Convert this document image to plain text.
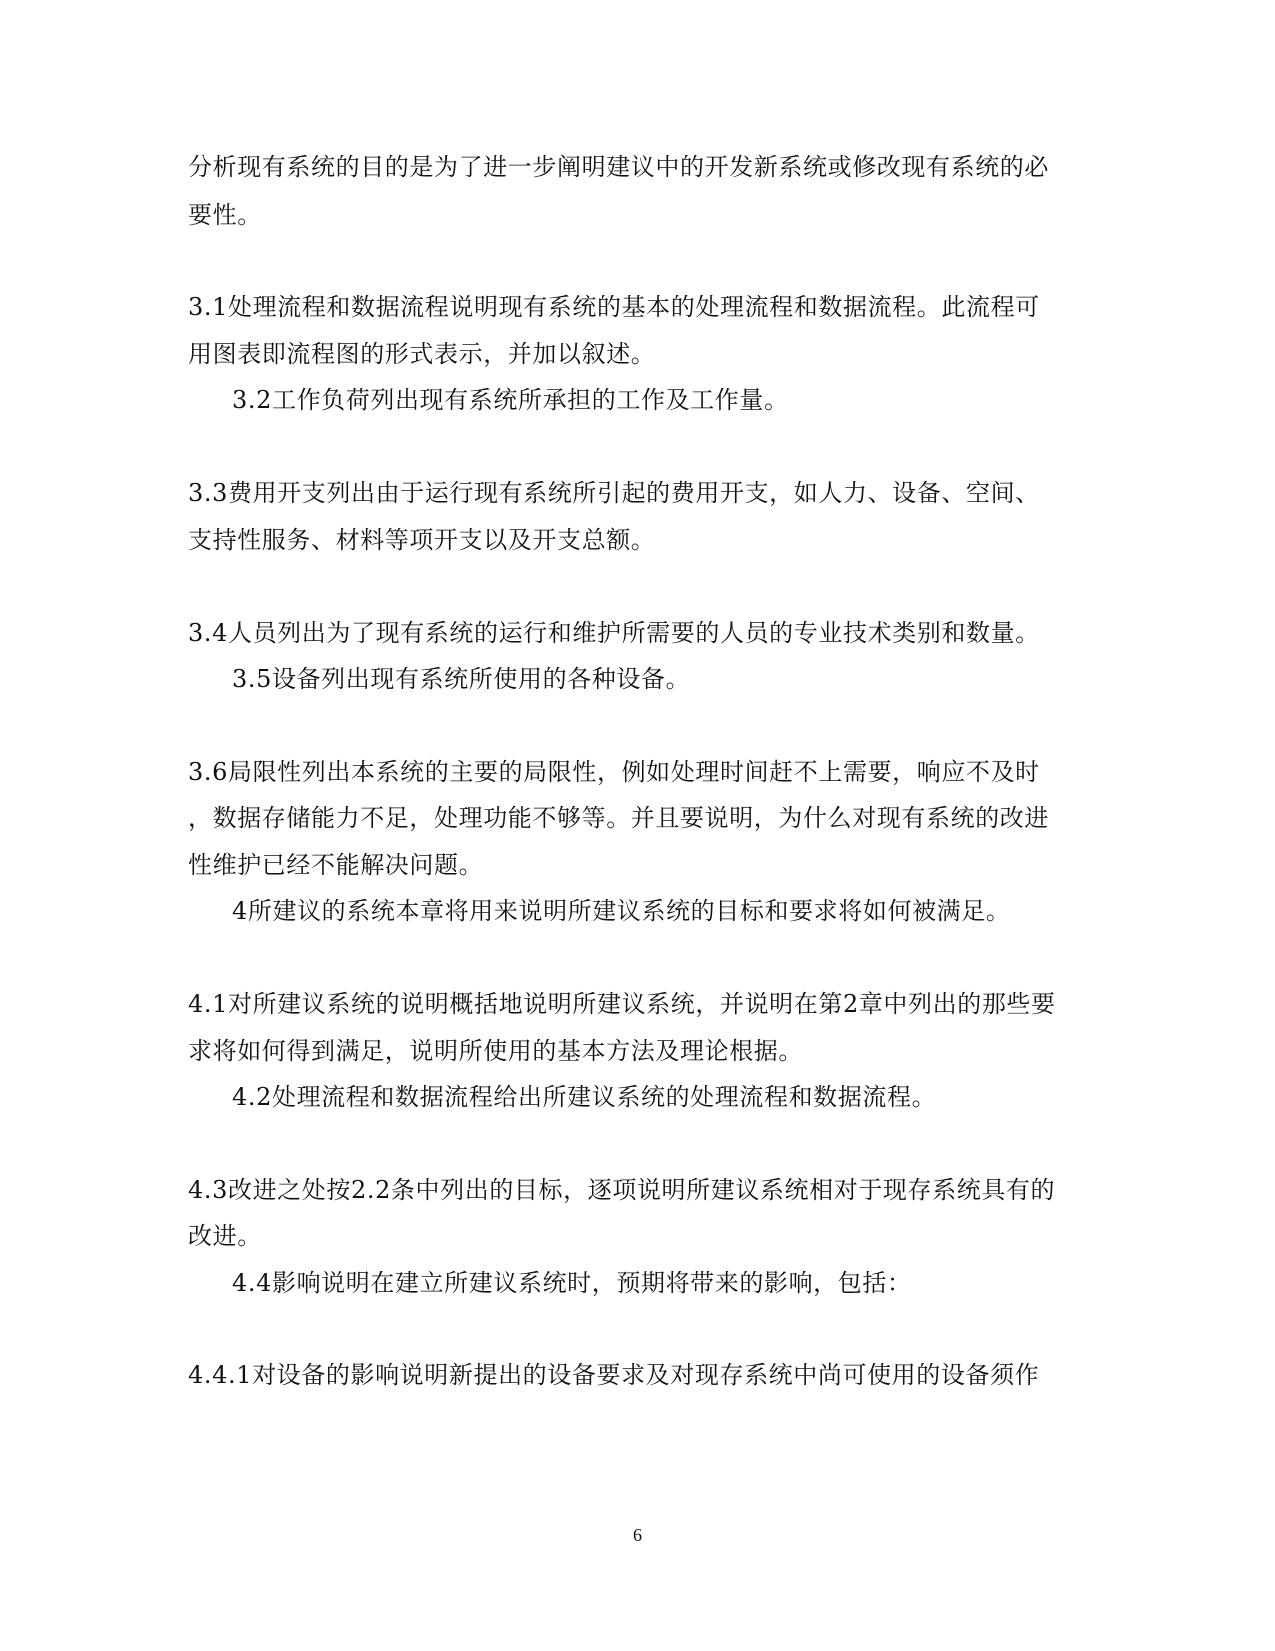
分析现有系统的目的是为了进一步阐明建议中的开发新系统或修改现有系统的必
要性。
3.1处理流程和数据流程说明现有系统的基本的处理流程和数据流程。此流程可
用图表即流程图的形式表示，并加以叙述。
3.2工作负荷列出现有系统所承担的工作及工作量。
3.3费用开支列出由于运行现有系统所引起的费用开支，如人力、设备、空间、
支持性服务、材料等项开支以及开支总额。
3.4人员列出为了现有系统的运行和维护所需要的人员的专业技术类别和数量。
3.5设备列出现有系统所使用的各种设备。
3.6局限性列出本系统的主要的局限性，例如处理时间赶不上需要，响应不及时
，数据存储能力不足，处理功能不够等。并且要说明，为什么对现有系统的改进
性维护已经不能解决问题。
4所建议的系统本章将用来说明所建议系统的目标和要求将如何被满足。
4.1对所建议系统的说明概括地说明所建议系统，并说明在第2章中列出的那些要
求将如何得到满足，说明所使用的基本方法及理论根据。
4.2处理流程和数据流程给出所建议系统的处理流程和数据流程。
4.3改进之处按2.2条中列出的目标，逐项说明所建议系统相对于现存系统具有的
改进。
4.4影响说明在建立所建议系统时，预期将带来的影响，包括：
4.4.1对设备的影响说明新提出的设备要求及对现存系统中尚可使用的设备须作
6
